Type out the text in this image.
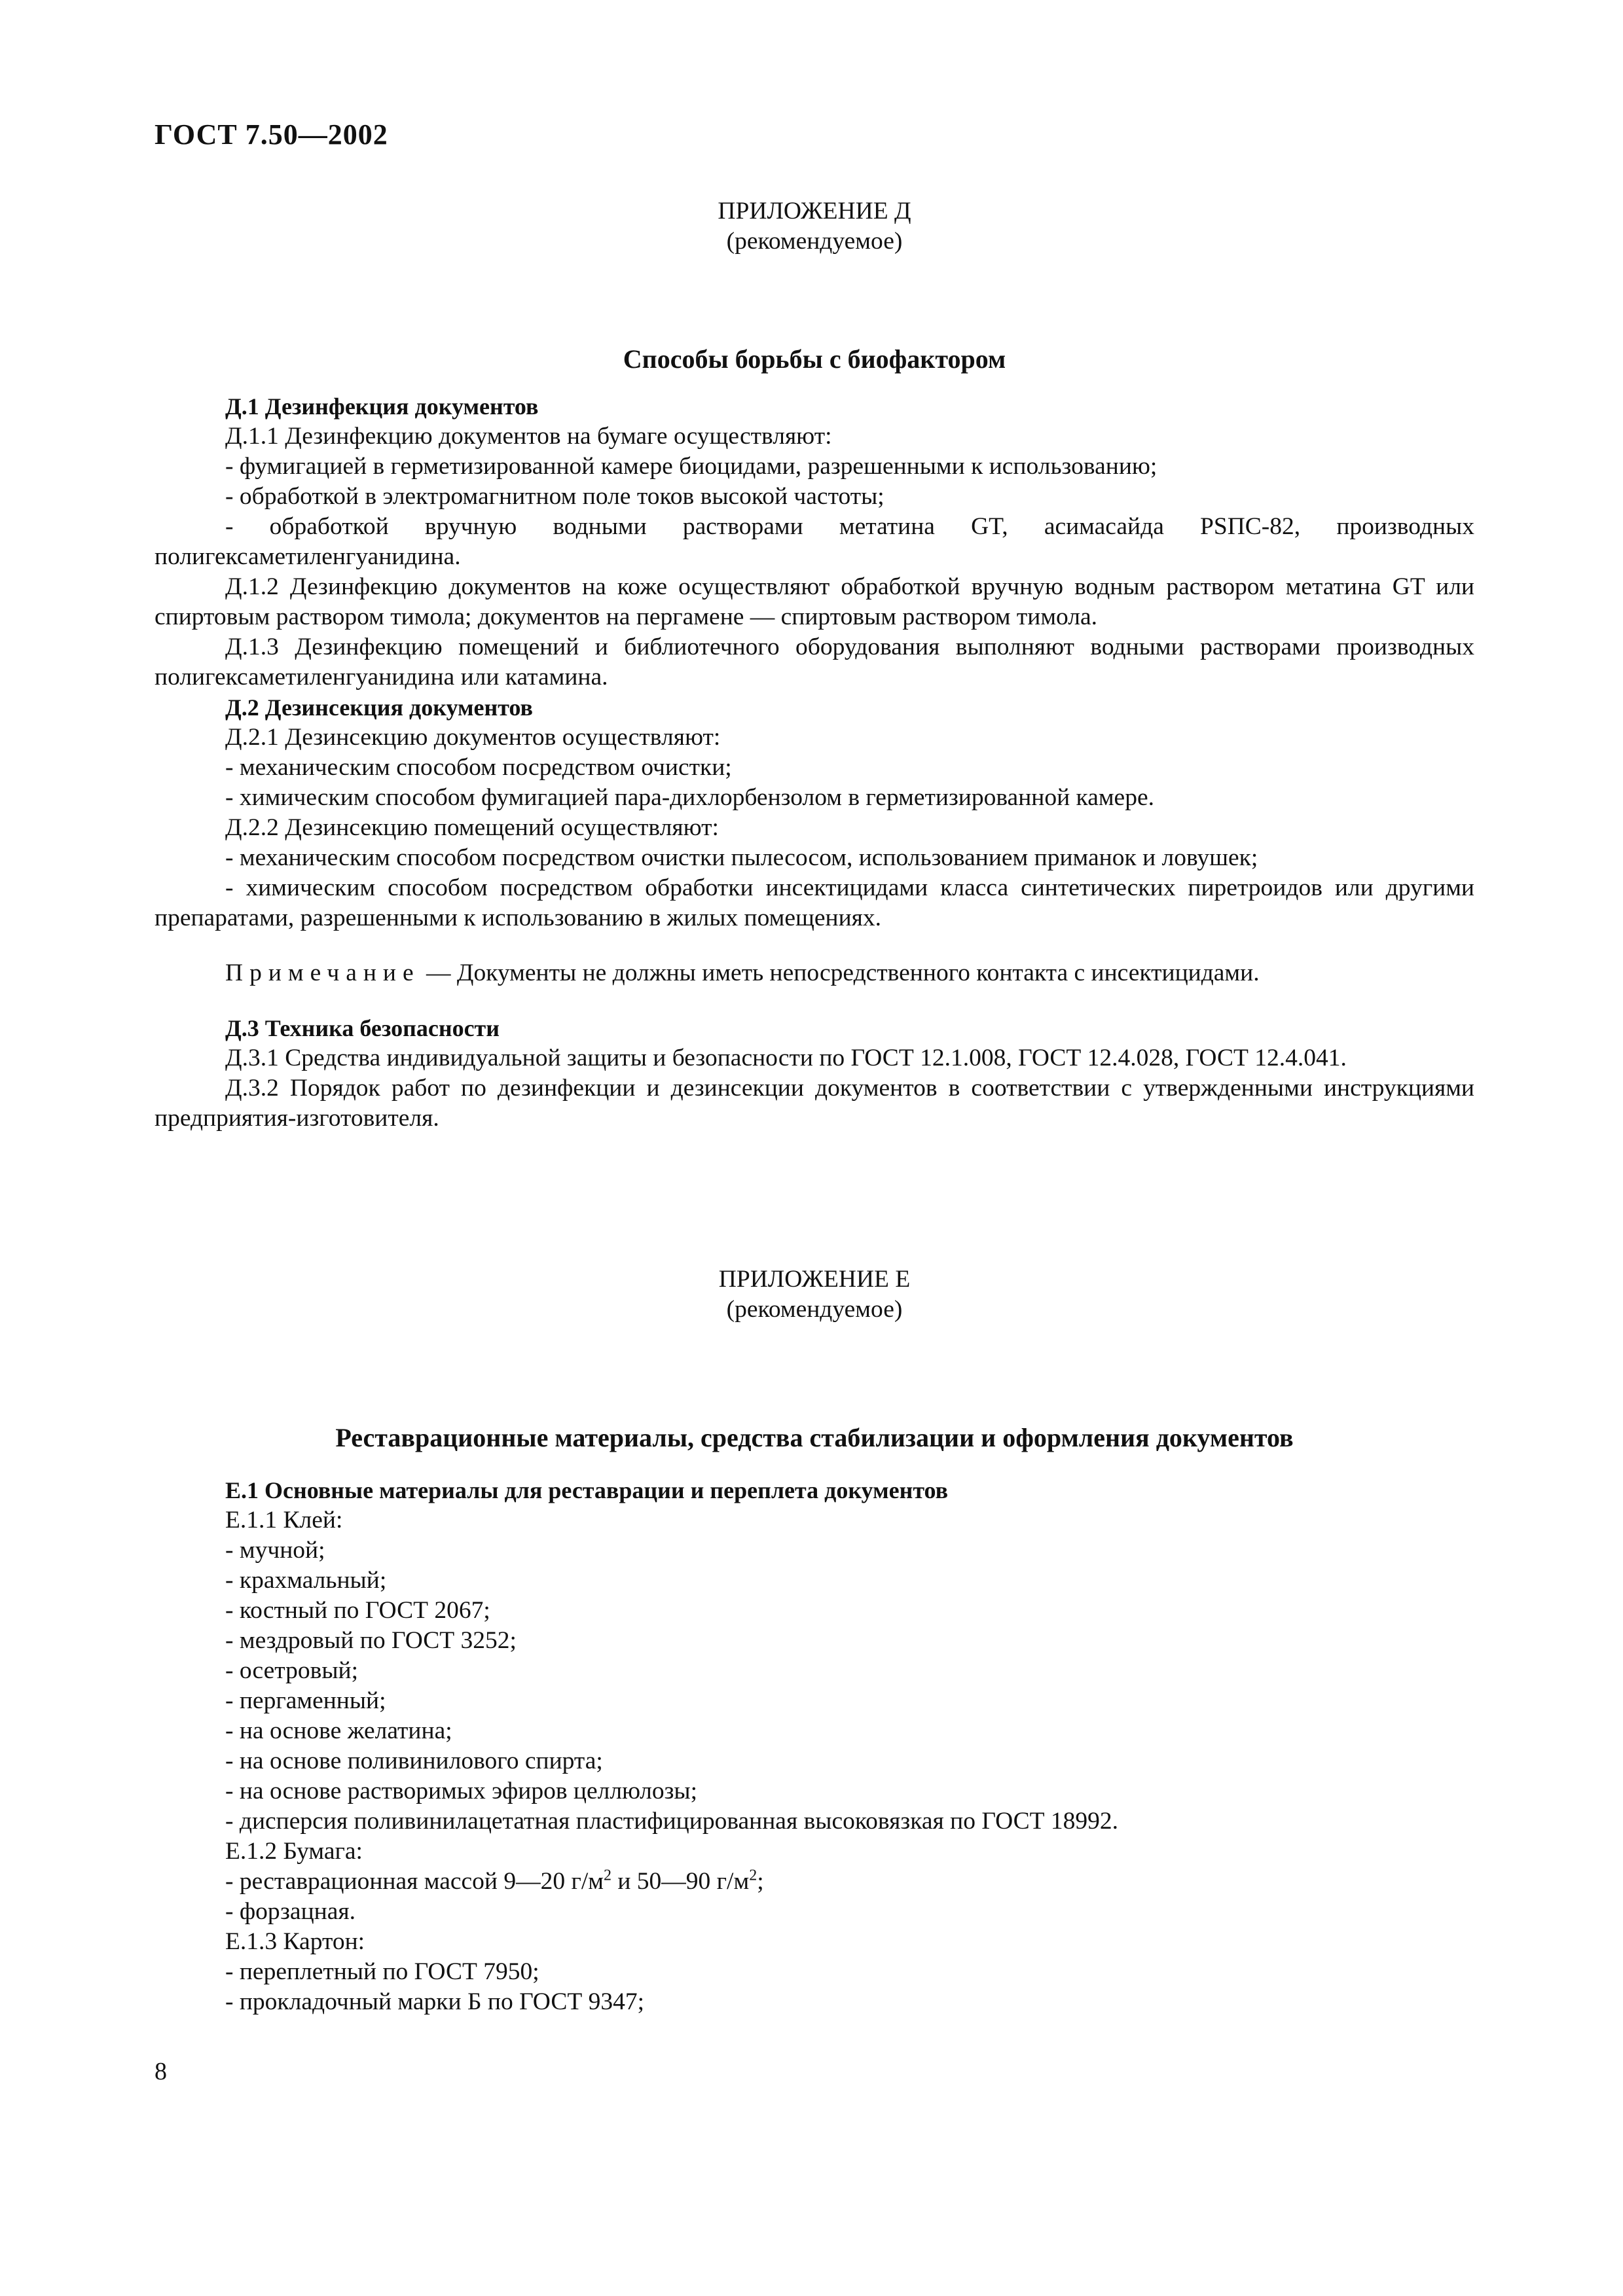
ГОСТ 7.50—2002
ПРИЛОЖЕНИЕ Д
(рекомендуемое)
Способы борьбы с биофактором
Д.1 Дезинфекция документов
Д.1.1 Дезинфекцию документов на бумаге осуществляют:
- фумигацией в герметизированной камере биоцидами, разрешенными к использованию;
- обработкой в электромагнитном поле токов высокой частоты;
- обработкой вручную водными растворами метатина GT, асимасайда PSПС-82, производных полигексаметиленгуанидина.
Д.1.2 Дезинфекцию документов на коже осуществляют обработкой вручную водным раствором метатина GT или спиртовым раствором тимола; документов на пергамене — спиртовым раствором тимола.
Д.1.3 Дезинфекцию помещений и библиотечного оборудования выполняют водными растворами производных полигексаметиленгуанидина или катамина.
Д.2 Дезинсекция документов
Д.2.1 Дезинсекцию документов осуществляют:
- механическим способом посредством очистки;
- химическим способом фумигацией пара-дихлорбензолом в герметизированной камере.
Д.2.2 Дезинсекцию помещений осуществляют:
- механическим способом посредством очистки пылесосом, использованием приманок и ловушек;
- химическим способом посредством обработки инсектицидами класса синтетических пиретроидов или другими препаратами, разрешенными к использованию в жилых помещениях.
Примечание — Документы не должны иметь непосредственного контакта с инсектицидами.
Д.3 Техника безопасности
Д.3.1 Средства индивидуальной защиты и безопасности по ГОСТ 12.1.008, ГОСТ 12.4.028, ГОСТ 12.4.041.
Д.3.2 Порядок работ по дезинфекции и дезинсекции документов в соответствии с утвержденными инструкциями предприятия-изготовителя.
ПРИЛОЖЕНИЕ Е
(рекомендуемое)
Реставрационные материалы, средства стабилизации и оформления документов
Е.1 Основные материалы для реставрации и переплета документов
Е.1.1 Клей:
- мучной;
- крахмальный;
- костный по ГОСТ 2067;
- мездровый по ГОСТ 3252;
- осетровый;
- пергаменный;
- на основе желатина;
- на основе поливинилового спирта;
- на основе растворимых эфиров целлюлозы;
- дисперсия поливинилацетатная пластифицированная высоковязкая по ГОСТ 18992.
Е.1.2 Бумага:
- реставрационная массой 9—20 $г/м^2$ и 50—90 $г/м^2$;
- форзацная.
Е.1.3 Картон:
- переплетный по ГОСТ 7950;
- прокладочный марки Б по ГОСТ 9347;
8
